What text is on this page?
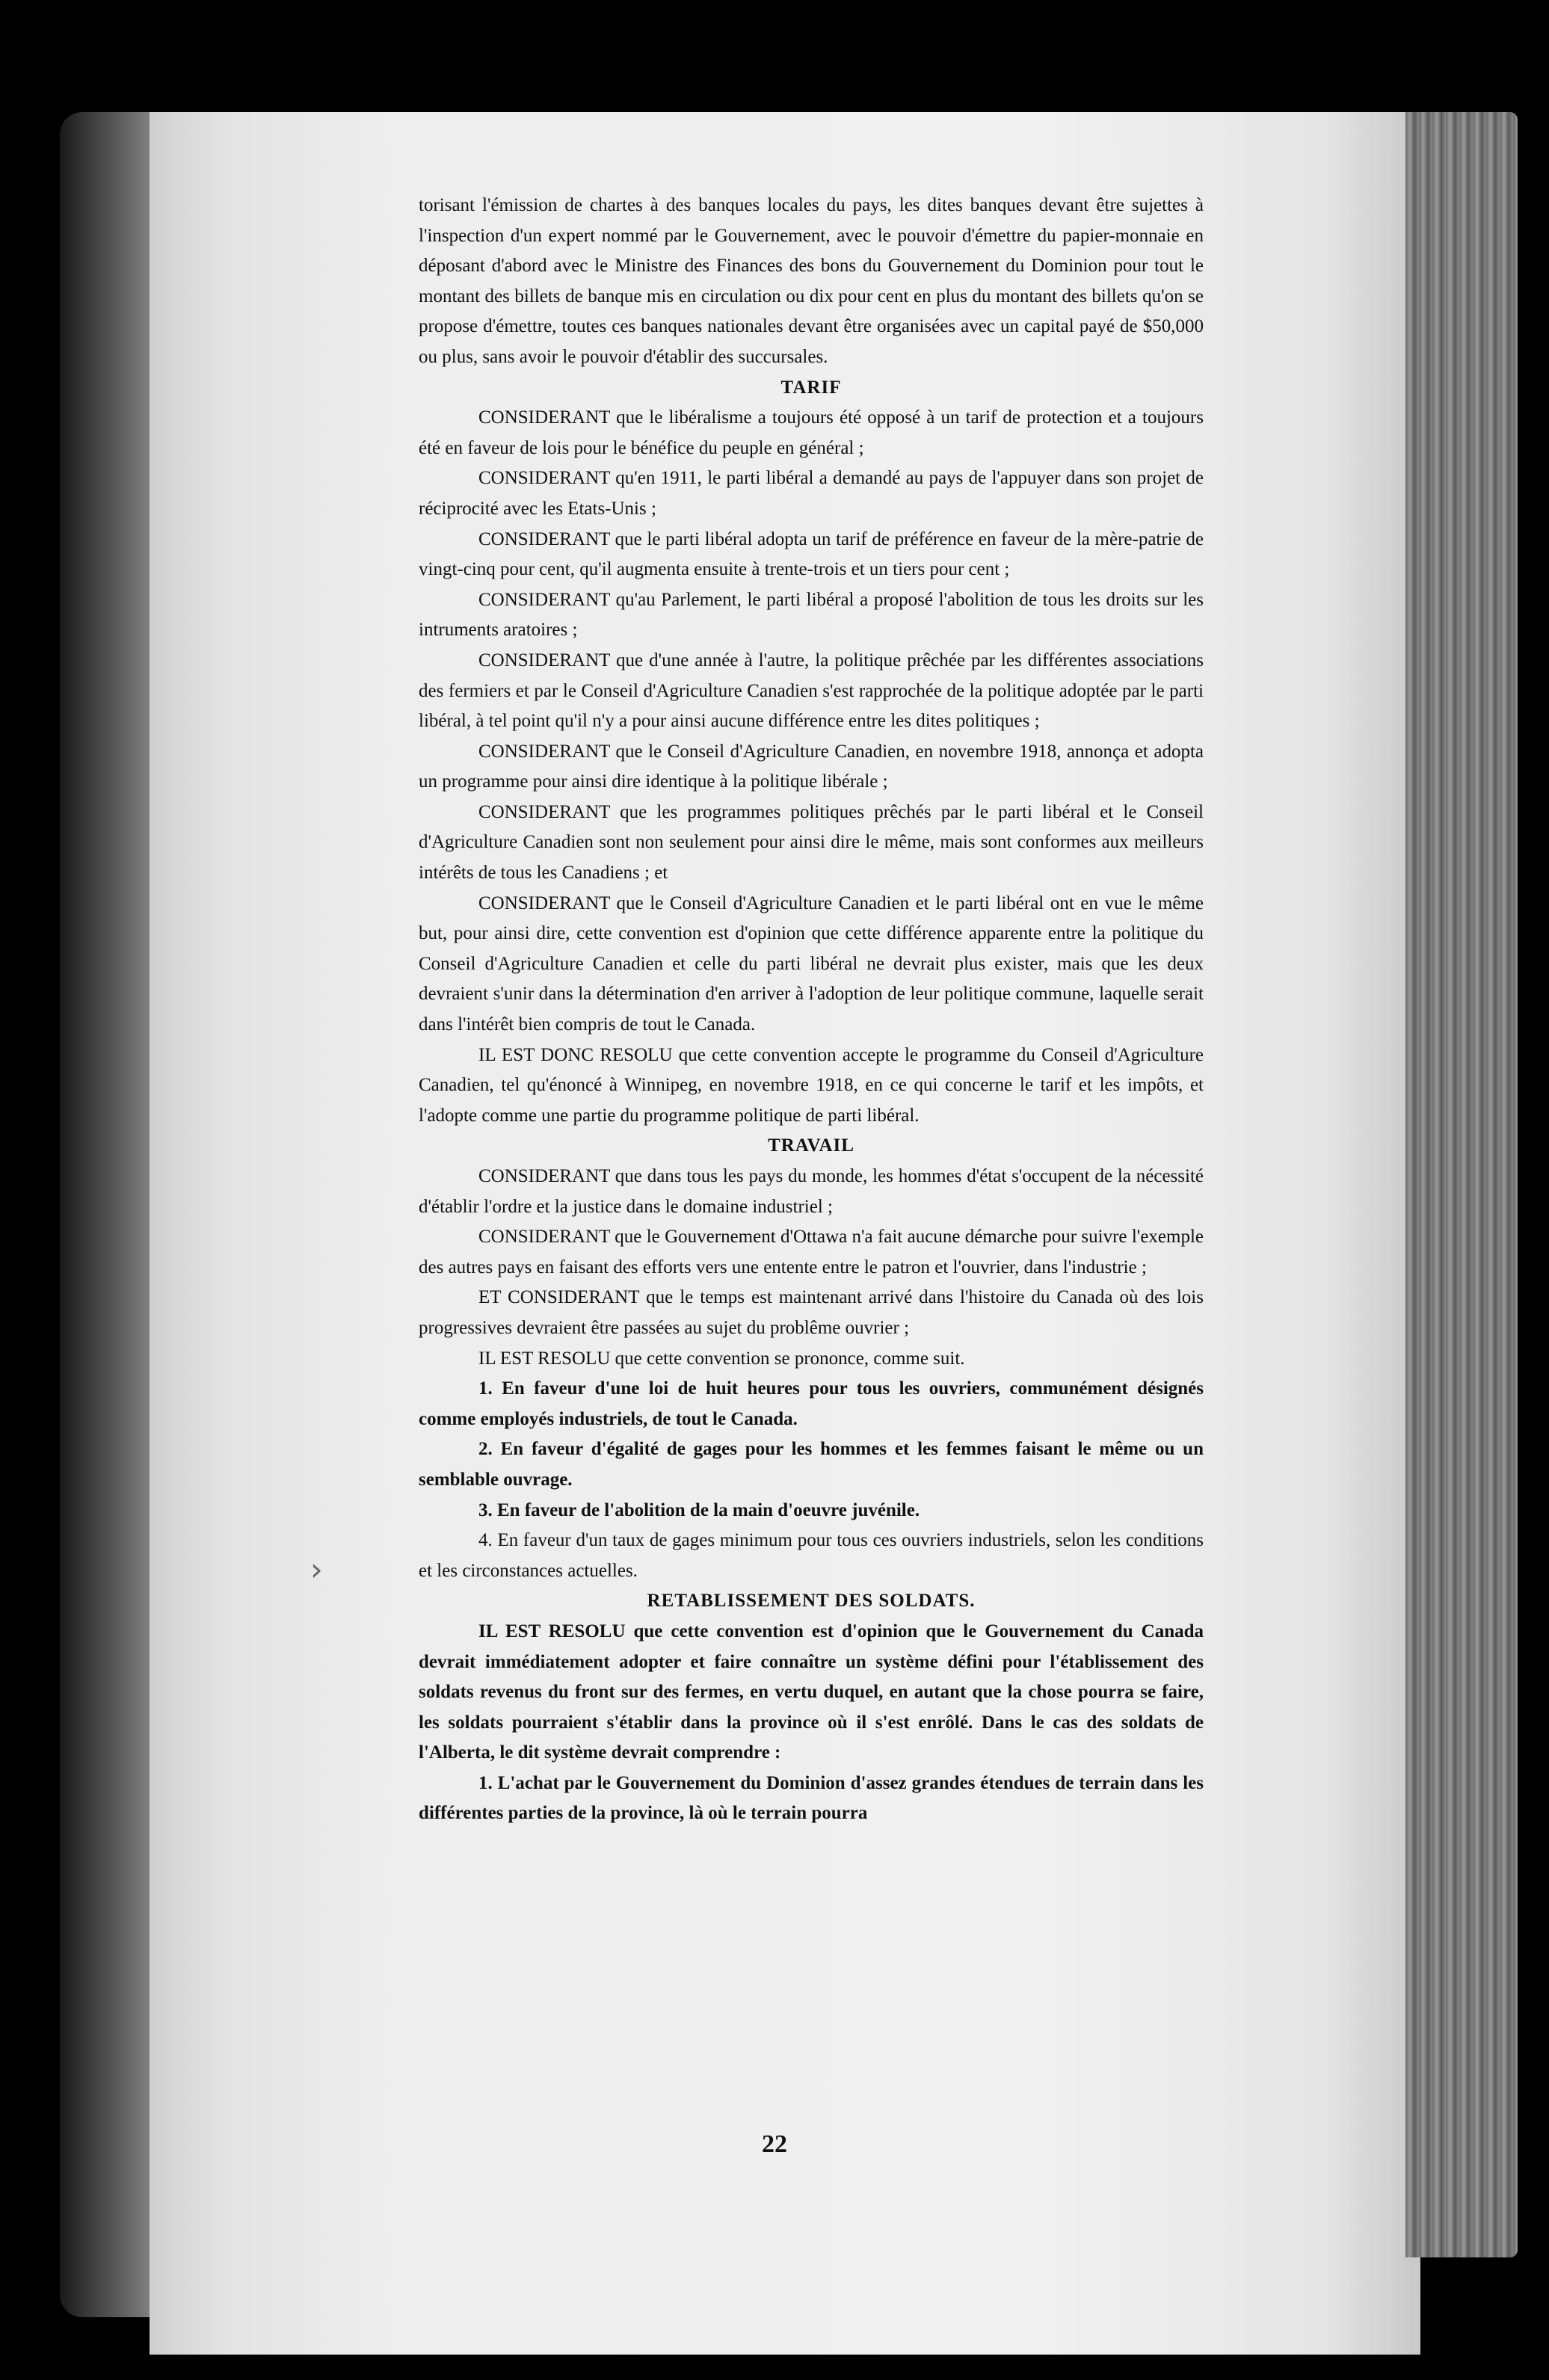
›

torisant l'émission de chartes à des banques locales du pays, les dites banques devant être sujettes à l'inspection d'un expert nommé par le Gouvernement, avec le pouvoir d'émettre du papier-monnaie en déposant d'abord avec le Ministre des Finances des bons du Gouvernement du Dominion pour tout le montant des billets de banque mis en circulation ou dix pour cent en plus du montant des billets qu'on se propose d'émettre, toutes ces banques nationales devant être organisées avec un capital payé de $50,000 ou plus, sans avoir le pouvoir d'établir des succursales.

TARIF

CONSIDERANT que le libéralisme a toujours été opposé à un tarif de protection et a toujours été en faveur de lois pour le bénéfice du peuple en général ;

CONSIDERANT qu'en 1911, le parti libéral a demandé au pays de l'appuyer dans son projet de réciprocité avec les Etats-Unis ;

CONSIDERANT que le parti libéral adopta un tarif de préférence en faveur de la mère-patrie de vingt-cinq pour cent, qu'il augmenta ensuite à trente-trois et un tiers pour cent ;

CONSIDERANT qu'au Parlement, le parti libéral a proposé l'abolition de tous les droits sur les intruments aratoires ;

CONSIDERANT que d'une année à l'autre, la politique prêchée par les différentes associations des fermiers et par le Conseil d'Agriculture Canadien s'est rapprochée de la politique adoptée par le parti libéral, à tel point qu'il n'y a pour ainsi aucune différence entre les dites politiques ;

CONSIDERANT que le Conseil d'Agriculture Canadien, en novembre 1918, annonça et adopta un programme pour ainsi dire identique à la politique libérale ;

CONSIDERANT que les programmes politiques prêchés par le parti libéral et le Conseil d'Agriculture Canadien sont non seulement pour ainsi dire le même, mais sont conformes aux meilleurs intérêts de tous les Canadiens ; et

CONSIDERANT que le Conseil d'Agriculture Canadien et le parti libéral ont en vue le même but, pour ainsi dire, cette convention est d'opinion que cette différence apparente entre la politique du Conseil d'Agriculture Canadien et celle du parti libéral ne devrait plus exister, mais que les deux devraient s'unir dans la détermination d'en arriver à l'adoption de leur politique commune, laquelle serait dans l'intérêt bien compris de tout le Canada.

IL EST DONC RESOLU que cette convention accepte le programme du Conseil d'Agriculture Canadien, tel qu'énoncé à Winnipeg, en novembre 1918, en ce qui concerne le tarif et les impôts, et l'adopte comme une partie du programme politique de parti libéral.

TRAVAIL

CONSIDERANT que dans tous les pays du monde, les hommes d'état s'occupent de la nécessité d'établir l'ordre et la justice dans le domaine industriel ;

CONSIDERANT que le Gouvernement d'Ottawa n'a fait aucune démarche pour suivre l'exemple des autres pays en faisant des efforts vers une entente entre le patron et l'ouvrier, dans l'industrie ;

ET CONSIDERANT que le temps est maintenant arrivé dans l'histoire du Canada où des lois progressives devraient être passées au sujet du problême ouvrier ;

IL EST RESOLU que cette convention se prononce, comme suit.

1. En faveur d'une loi de huit heures pour tous les ouvriers, communément désignés comme employés industriels, de tout le Canada.

2. En faveur d'égalité de gages pour les hommes et les femmes faisant le même ou un semblable ouvrage.

3. En faveur de l'abolition de la main d'oeuvre juvénile.

4. En faveur d'un taux de gages minimum pour tous ces ouvriers industriels, selon les conditions et les circonstances actuelles.

RETABLISSEMENT DES SOLDATS.

IL EST RESOLU que cette convention est d'opinion que le Gouvernement du Canada devrait immédiatement adopter et faire connaître un système défini pour l'établissement des soldats revenus du front sur des fermes, en vertu duquel, en autant que la chose pourra se faire, les soldats pourraient s'établir dans la province où il s'est enrôlé. Dans le cas des soldats de l'Alberta, le dit système devrait comprendre :

1. L'achat par le Gouvernement du Dominion d'assez grandes étendues de terrain dans les différentes parties de la province, là où le terrain pourra

22
